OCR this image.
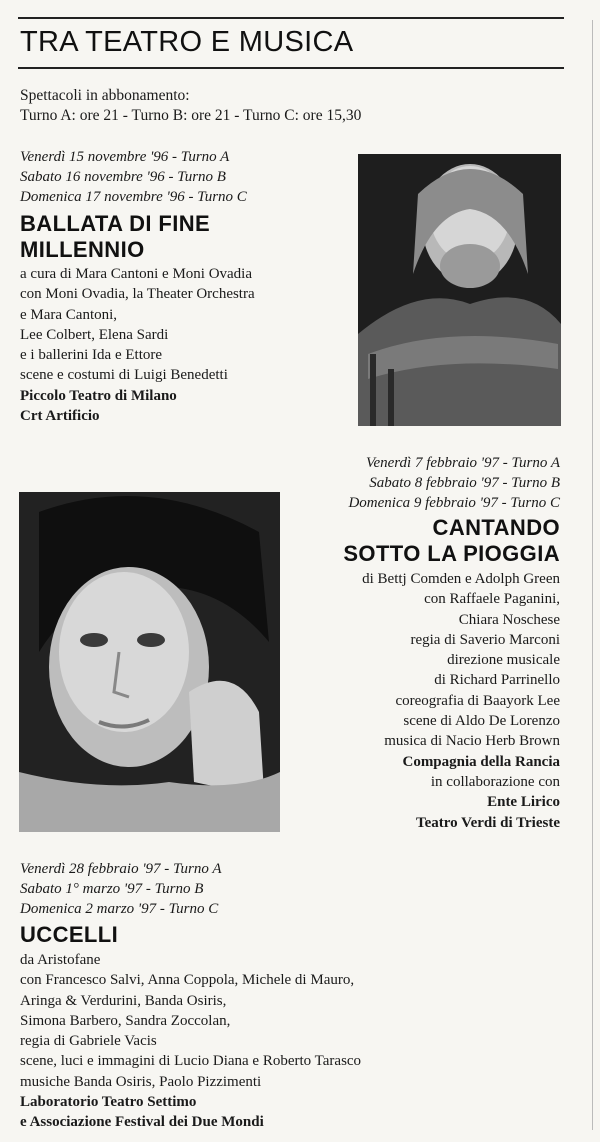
TRA TEATRO E MUSICA
Spettacoli in abbonamento:
Turno A: ore 21 - Turno B: ore 21 - Turno C: ore 15,30
Venerdì 15 novembre '96 - Turno A
Sabato 16 novembre '96 - Turno B
Domenica 17 novembre '96 - Turno C
BALLATA DI FINE
MILLENNIO
a cura di Mara Cantoni e Moni Ovadia
con Moni Ovadia, la Theater Orchestra
e Mara Cantoni,
Lee Colbert, Elena Sardi
e i ballerini Ida e Ettore
scene e costumi di Luigi Benedetti
Piccolo Teatro di Milano
Crt Artificio
Venerdì 7 febbraio '97 - Turno A
Sabato 8 febbraio '97 - Turno B
Domenica 9 febbraio '97 - Turno C
CANTANDO
SOTTO LA PIOGGIA
di Bettj Comden e Adolph Green
con Raffaele Paganini,
Chiara Noschese
regia di Saverio Marconi
direzione musicale
di Richard Parrinello
coreografia di Baayork Lee
scene di Aldo De Lorenzo
musica di Nacio Herb Brown
Compagnia della Rancia
in collaborazione con
Ente Lirico
Teatro Verdi di Trieste
Venerdì 28 febbraio '97 - Turno A
Sabato 1° marzo '97 - Turno B
Domenica 2 marzo '97 - Turno C
UCCELLI
da Aristofane
con Francesco Salvi, Anna Coppola, Michele di Mauro,
Aringa & Verdurini, Banda Osiris,
Simona Barbero, Sandra Zoccolan,
regia di Gabriele Vacis
scene, luci e immagini di Lucio Diana e Roberto Tarasco
musiche Banda Osiris, Paolo Pizzimenti
Laboratorio Teatro Settimo
e Associazione Festival dei Due Mondi
